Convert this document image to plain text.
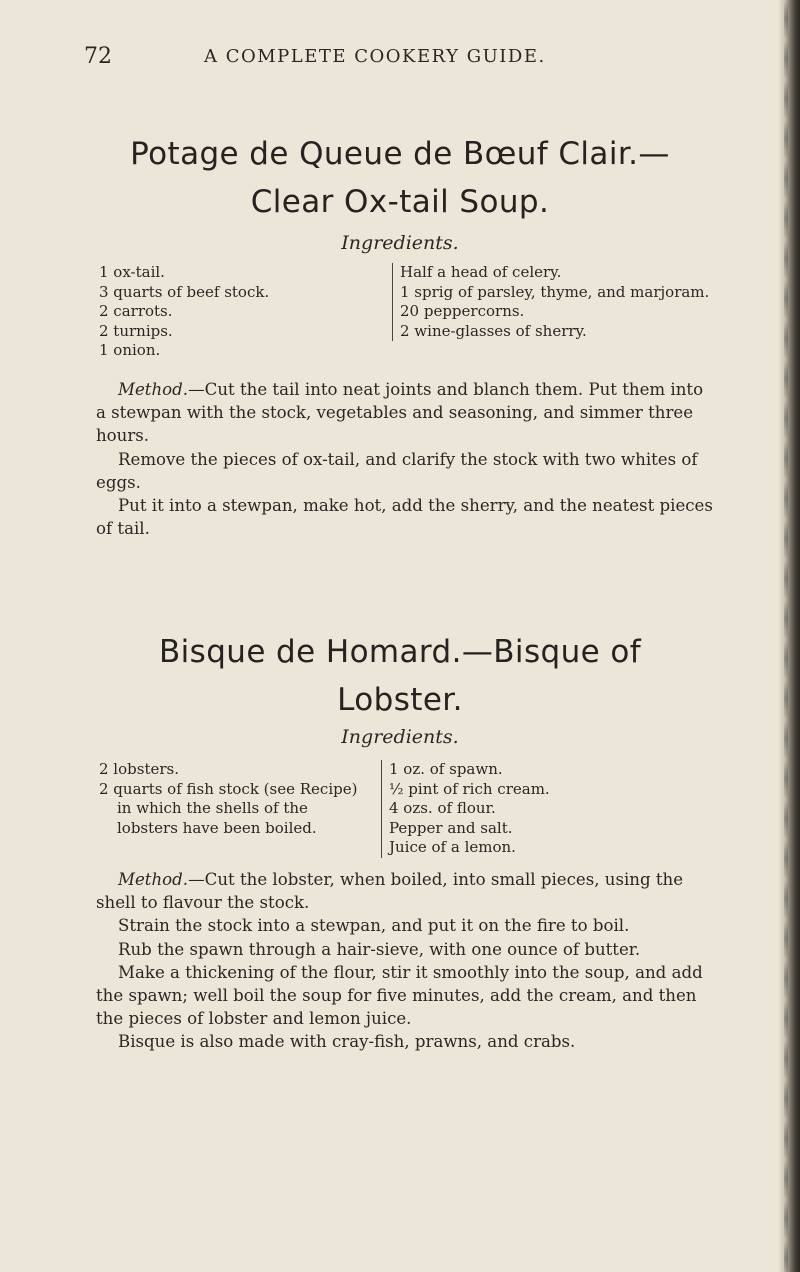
72	A COMPLETE COOKERY GUIDE.
Potage de Queue de Bœuf Clair.—
Clear Ox-tail Soup.
Ingredients.
1 ox-tail.
3 quarts of beef stock.
2 carrots.
2 turnips.
1 onion.
Half a head of celery.
1 sprig of parsley, thyme, and marjoram.
20 peppercorns.
2 wine-glasses of sherry.

Method.—Cut the tail into neat joints and blanch them. Put them into a stewpan with the stock, vegetables and seasoning, and simmer three hours.

Remove the pieces of ox-tail, and clarify the stock with two whites of eggs.

Put it into a stewpan, make hot, add the sherry, and the neatest pieces of tail.

Bisque de Homard.—Bisque of
Lobster.
Ingredients.
2 lobsters.
2 quarts of fish stock (see Recipe) in which the shells of the lobsters have been boiled.
1 oz. of spawn.
½ pint of rich cream.
4 ozs. of flour.
Pepper and salt.
Juice of a lemon.

Method.—Cut the lobster, when boiled, into small pieces, using the shell to flavour the stock.

Strain the stock into a stewpan, and put it on the fire to boil.

Rub the spawn through a hair-sieve, with one ounce of butter.

Make a thickening of the flour, stir it smoothly into the soup, and add the spawn; well boil the soup for five minutes, add the cream, and then the pieces of lobster and lemon juice.

Bisque is also made with cray-fish, prawns, and crabs.
